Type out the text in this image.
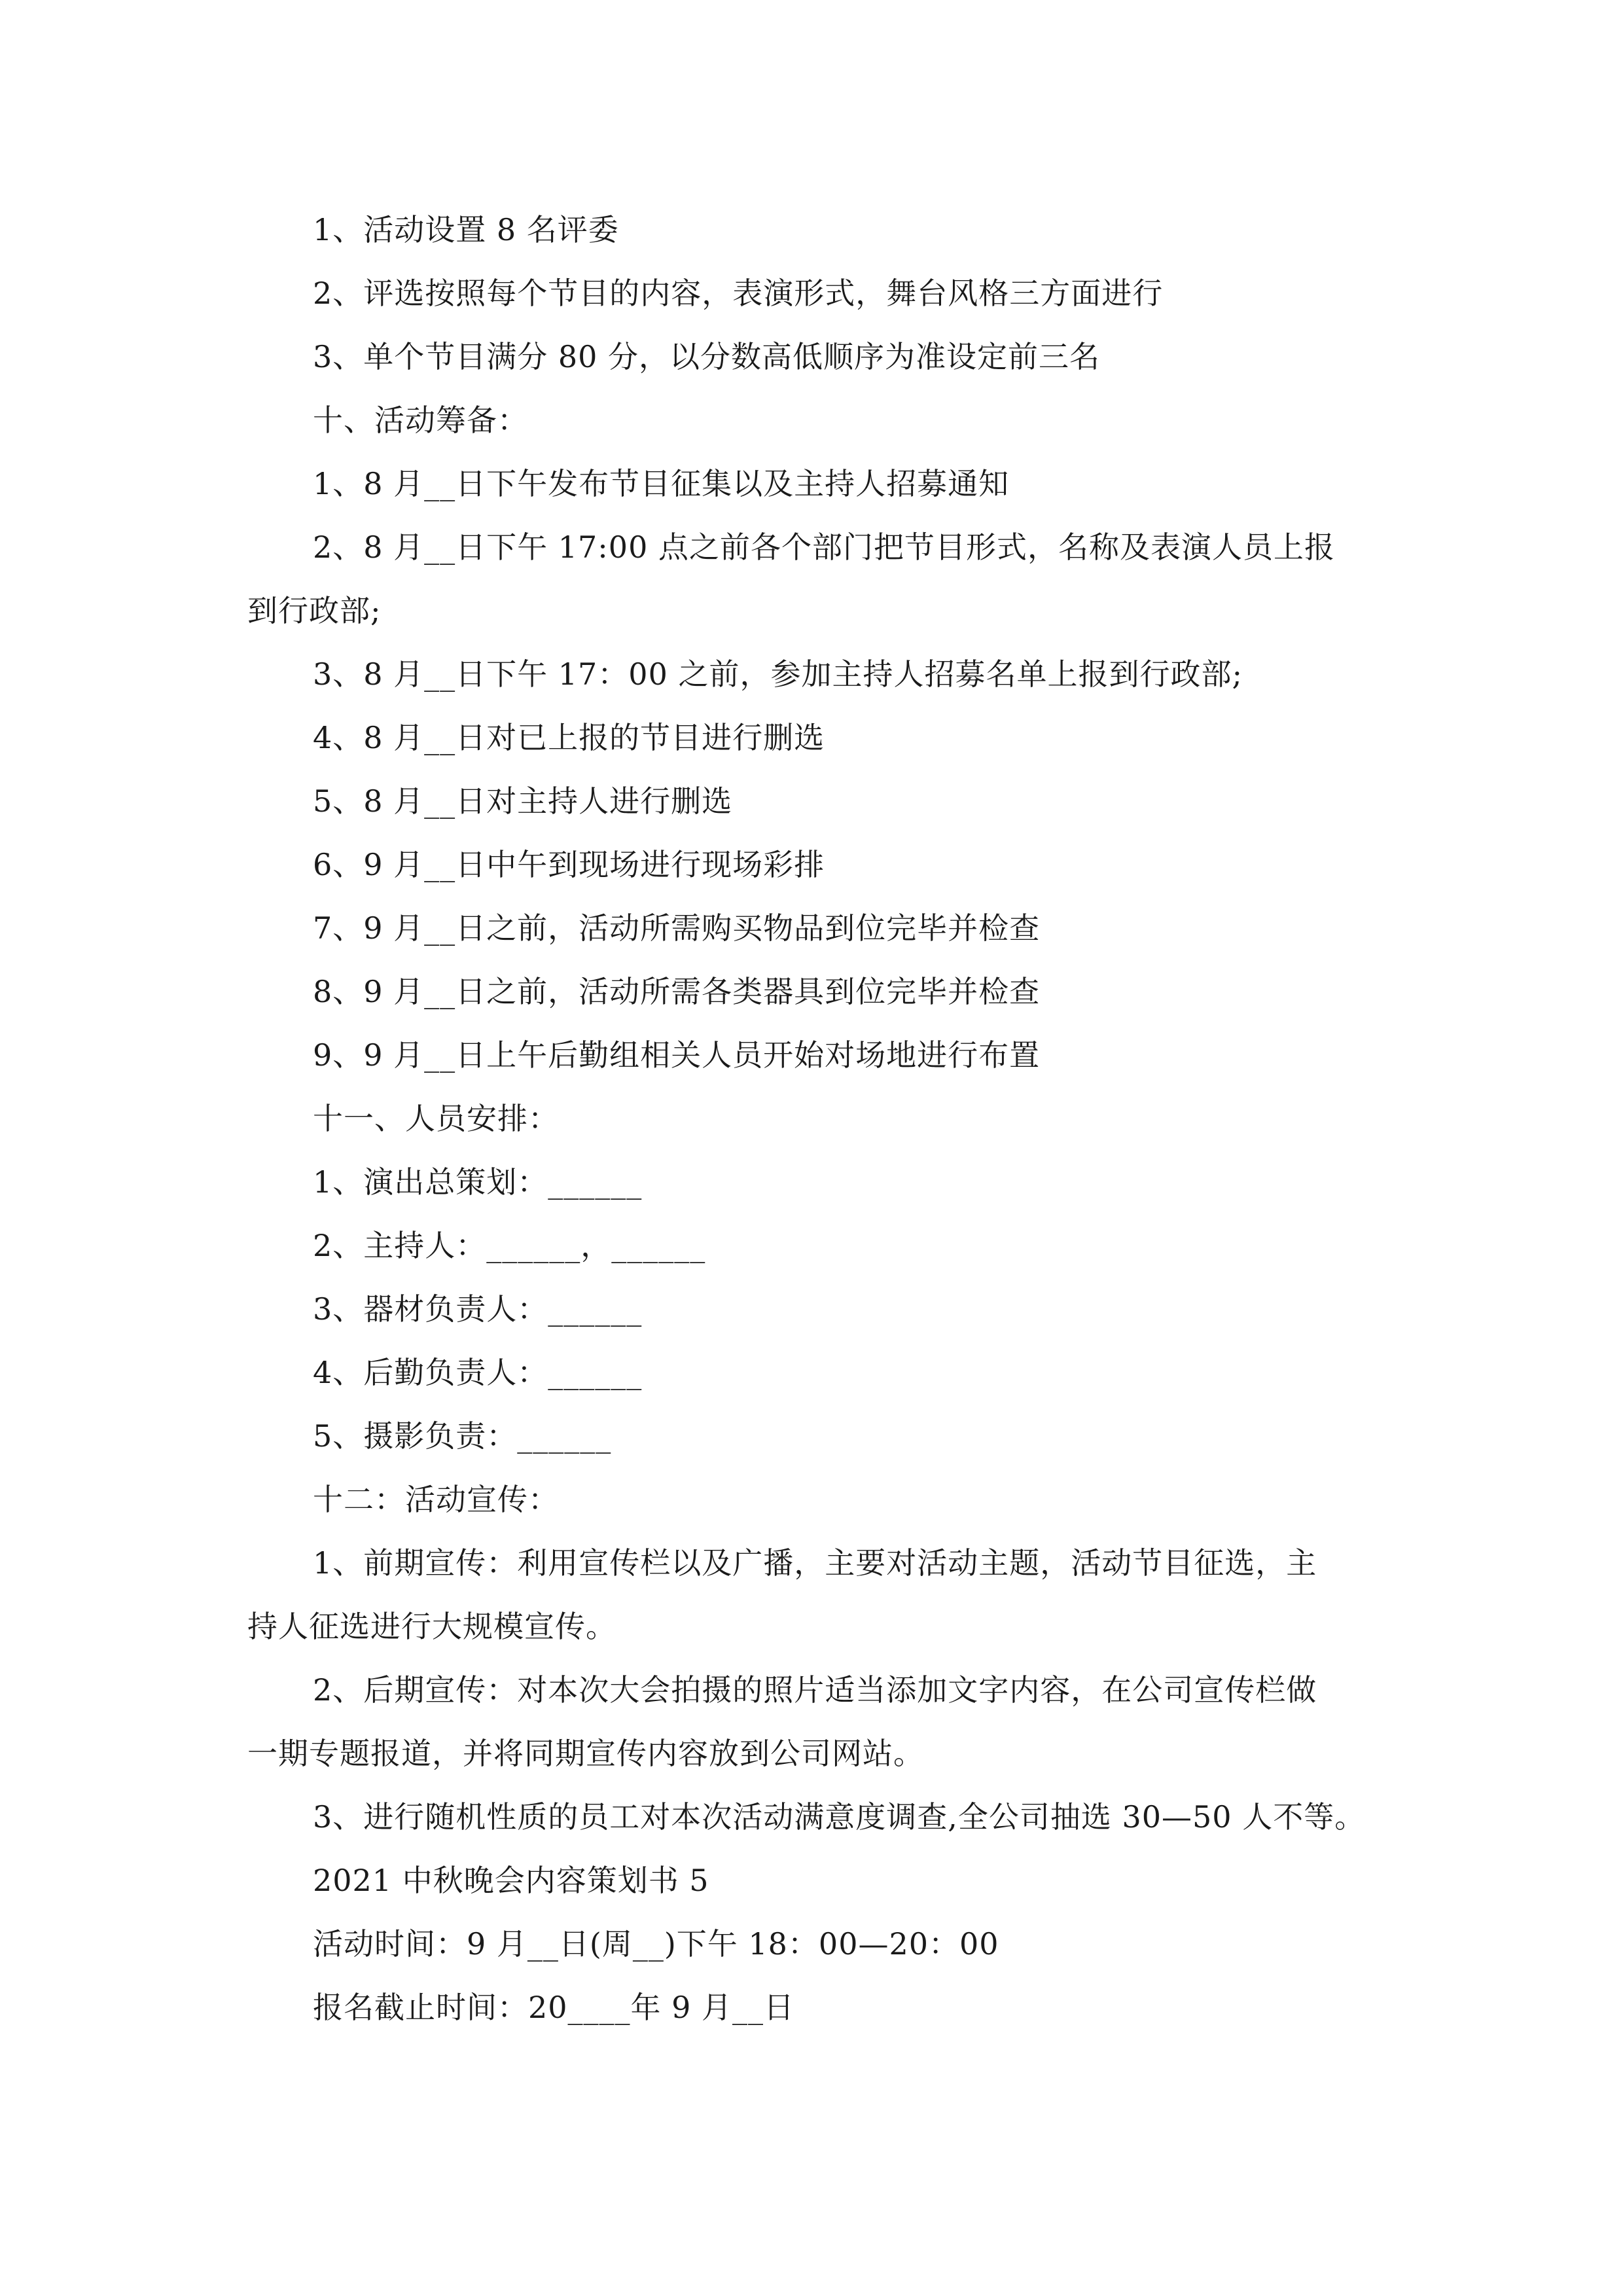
1、活动设置 8 名评委
2、评选按照每个节目的内容，表演形式，舞台风格三方面进行
3、单个节目满分 80 分，以分数高低顺序为准设定前三名
十、活动筹备：
1、8 月__日下午发布节目征集以及主持人招募通知
2、8 月__日下午 17:00 点之前各个部门把节目形式，名称及表演人员上报
到行政部;
3、8 月__日下午 17：00 之前，参加主持人招募名单上报到行政部;
4、8 月__日对已上报的节目进行删选
5、8 月__日对主持人进行删选
6、9 月__日中午到现场进行现场彩排
7、9 月__日之前，活动所需购买物品到位完毕并检查
8、9 月__日之前，活动所需各类器具到位完毕并检查
9、9 月__日上午后勤组相关人员开始对场地进行布置
十一、人员安排：
1、演出总策划：______
2、主持人：______，______
3、器材负责人：______
4、后勤负责人：______
5、摄影负责：______
十二：活动宣传：
1、前期宣传：利用宣传栏以及广播，主要对活动主题，活动节目征选，主
持人征选进行大规模宣传。
2、后期宣传：对本次大会拍摄的照片适当添加文字内容，在公司宣传栏做
一期专题报道，并将同期宣传内容放到公司网站。
3、进行随机性质的员工对本次活动满意度调查,全公司抽选 30—50 人不等。
2021 中秋晚会内容策划书 5
活动时间：9 月__日(周__)下午 18：00—20：00
报名截止时间：20____年 9 月__日
